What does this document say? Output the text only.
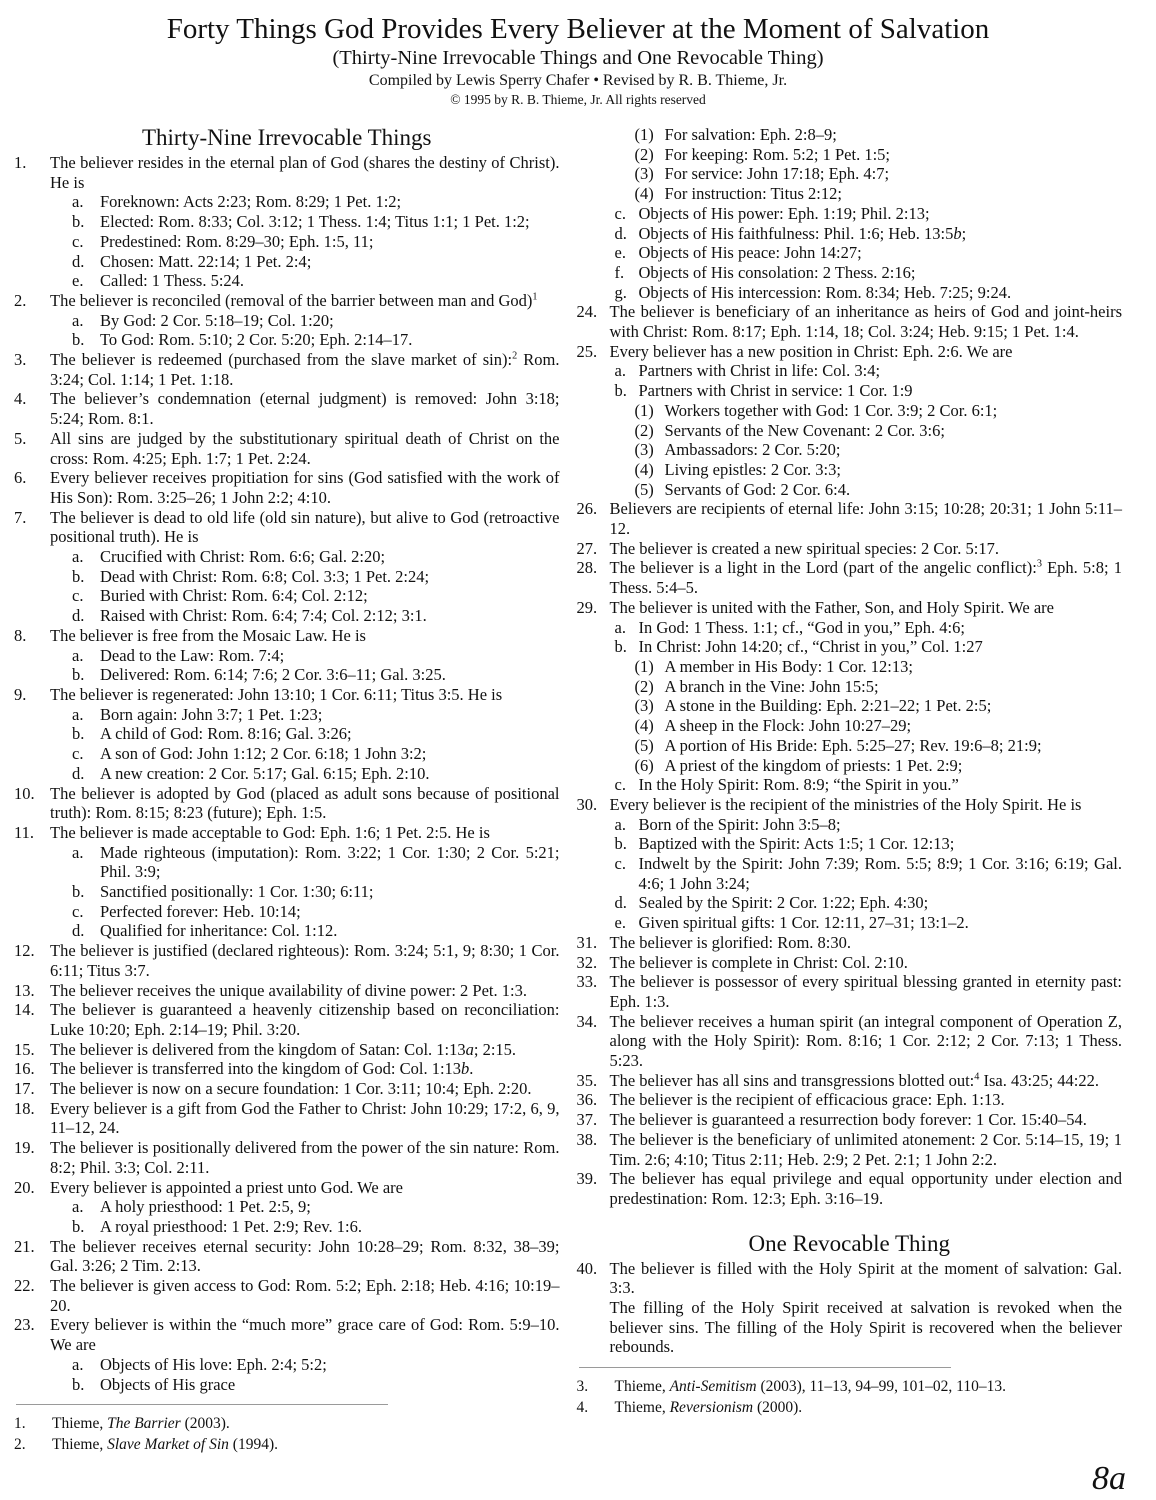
Forty Things God Provides Every Believer at the Moment of Salvation
(Thirty-Nine Irrevocable Things and One Revocable Thing)
Compiled by Lewis Sperry Chafer • Revised by R. B. Thieme, Jr.
© 1995 by R. B. Thieme, Jr. All rights reserved
Thirty-Nine Irrevocable Things
1.	The believer resides in the eternal plan of God (shares the destiny of Christ). He is
a.	Foreknown: Acts 2:23; Rom. 8:29; 1 Pet. 1:2;
b. Elected: Rom. 8:33; Col. 3:12; 1 Thess. 1:4; Titus 1:1; 1 Pet. 1:2;
c.	Predestined: Rom. 8:29–30; Eph. 1:5, 11;
d. Chosen: Matt. 22:14; 1 Pet. 2:4;
e.	Called: 1 Thess. 5:24.
2.	The believer is reconciled (removal of the barrier between man and God)$^1$
a.	By God: 2 Cor. 5:18–19; Col. 1:20;
b. To God: Rom. 5:10; 2 Cor. 5:20; Eph. 2:14–17.
3.	The believer is redeemed (purchased from the slave market of sin):$^2$ Rom. 3:24; Col. 1:14; 1 Pet. 1:18.
4.	The believer’s condemnation (eternal judgment) is removed: John 3:18; 5:24; Rom. 8:1.
5.	All sins are judged by the substitutionary spiritual death of Christ on the cross: Rom. 4:25; Eph. 1:7; 1 Pet. 2:24.
6.	Every believer receives propitiation for sins (God satisfied with the work of His Son): Rom. 3:25–26; 1 John 2:2; 4:10.
7.	The believer is dead to old life (old sin nature), but alive to God (retroactive positional truth). He is
a.	Crucified with Christ: Rom. 6:6; Gal. 2:20;
b. Dead with Christ: Rom. 6:8; Col. 3:3; 1 Pet. 2:24;
c.	Buried with Christ: Rom. 6:4; Col. 2:12;
d. Raised with Christ: Rom. 6:4; 7:4; Col. 2:12; 3:1.
8.	The believer is free from the Mosaic Law. He is
a.	Dead to the Law: Rom. 7:4;
b. Delivered: Rom. 6:14; 7:6; 2 Cor. 3:6–11; Gal. 3:25.
9.	The believer is regenerated: John 13:10; 1 Cor. 6:11; Titus 3:5. He is
a.	Born again: John 3:7; 1 Pet. 1:23;
b. A child of God: Rom. 8:16; Gal. 3:26;
c.	A son of God: John 1:12; 2 Cor. 6:18; 1 John 3:2;
d. A new creation: 2 Cor. 5:17; Gal. 6:15; Eph. 2:10.
10. The believer is adopted by God (placed as adult sons because of positional truth): Rom. 8:15; 8:23 (future); Eph. 1:5.
11. The believer is made acceptable to God: Eph. 1:6; 1 Pet. 2:5. He is
a.	Made righteous (imputation): Rom. 3:22; 1 Cor. 1:30; 2 Cor. 5:21; Phil. 3:9;
b. Sanctified positionally: 1 Cor. 1:30; 6:11;
c.	Perfected forever: Heb. 10:14;
d. Qualified for inheritance: Col. 1:12.
12. The believer is justified (declared righteous): Rom. 3:24; 5:1, 9; 8:30; 1 Cor. 6:11; Titus 3:7.
13. The believer receives the unique availability of divine power: 2 Pet. 1:3.
14. The believer is guaranteed a heavenly citizenship based on reconciliation: Luke 10:20; Eph. 2:14–19; Phil. 3:20.
15. The believer is delivered from the kingdom of Satan: Col. 1:13a; 2:15.
16. The believer is transferred into the kingdom of God: Col. 1:13b.
17. The believer is now on a secure foundation: 1 Cor. 3:11; 10:4; Eph. 2:20.
18. Every believer is a gift from God the Father to Christ: John 10:29; 17:2, 6, 9, 11–12, 24.
19. The believer is positionally delivered from the power of the sin nature: Rom. 8:2; Phil. 3:3; Col. 2:11.
20. Every believer is appointed a priest unto God. We are
a.	A holy priesthood: 1 Pet. 2:5, 9;
b. A royal priesthood: 1 Pet. 2:9; Rev. 1:6.
21. The believer receives eternal security: John 10:28–29; Rom. 8:32, 38–39; Gal. 3:26; 2 Tim. 2:13.
22. The believer is given access to God: Rom. 5:2; Eph. 2:18; Heb. 4:16; 10:19–20.
23. Every believer is within the “much more” grace care of God: Rom. 5:9–10. We are
a.	Objects of His love: Eph. 2:4; 5:2;
b. Objects of His grace
1.	Thieme, The Barrier (2003).
2.	Thieme, Slave Market of Sin (1994).
(1) For salvation: Eph. 2:8–9;
(2) For keeping: Rom. 5:2; 1 Pet. 1:5;
(3) For service: John 17:18; Eph. 4:7;
(4) For instruction: Titus 2:12;
c. Objects of His power: Eph. 1:19; Phil. 2:13;
d. Objects of His faithfulness: Phil. 1:6; Heb. 13:5b;
e. Objects of His peace: John 14:27;
f. Objects of His consolation: 2 Thess. 2:16;
g. Objects of His intercession: Rom. 8:34; Heb. 7:25; 9:24.
24. The believer is beneficiary of an inheritance as heirs of God and joint-heirs with Christ: Rom. 8:17; Eph. 1:14, 18; Col. 3:24; Heb. 9:15; 1 Pet. 1:4.
25. Every believer has a new position in Christ: Eph. 2:6. We are
a. Partners with Christ in life: Col. 3:4;
b. Partners with Christ in service: 1 Cor. 1:9
(1) Workers together with God: 1 Cor. 3:9; 2 Cor. 6:1;
(2) Servants of the New Covenant: 2 Cor. 3:6;
(3) Ambassadors: 2 Cor. 5:20;
(4) Living epistles: 2 Cor. 3:3;
(5) Servants of God: 2 Cor. 6:4.
26. Believers are recipients of eternal life: John 3:15; 10:28; 20:31; 1 John 5:11–12.
27. The believer is created a new spiritual species: 2 Cor. 5:17.
28. The believer is a light in the Lord (part of the angelic conflict):$^3$ Eph. 5:8; 1 Thess. 5:4–5.
29. The believer is united with the Father, Son, and Holy Spirit. We are
a. In God: 1 Thess. 1:1; cf., “God in you,” Eph. 4:6;
b. In Christ: John 14:20; cf., “Christ in you,” Col. 1:27
(1) A member in His Body: 1 Cor. 12:13;
(2) A branch in the Vine: John 15:5;
(3) A stone in the Building: Eph. 2:21–22; 1 Pet. 2:5;
(4) A sheep in the Flock: John 10:27–29;
(5) A portion of His Bride: Eph. 5:25–27; Rev. 19:6–8; 21:9;
(6) A priest of the kingdom of priests: 1 Pet. 2:9;
c. In the Holy Spirit: Rom. 8:9; “the Spirit in you.”
30. Every believer is the recipient of the ministries of the Holy Spirit. He is
a. Born of the Spirit: John 3:5–8;
b. Baptized with the Spirit: Acts 1:5; 1 Cor. 12:13;
c. Indwelt by the Spirit: John 7:39; Rom. 5:5; 8:9; 1 Cor. 3:16; 6:19; Gal. 4:6; 1 John 3:24;
d. Sealed by the Spirit: 2 Cor. 1:22; Eph. 4:30;
e. Given spiritual gifts: 1 Cor. 12:11, 27–31; 13:1–2.
31. The believer is glorified: Rom. 8:30.
32. The believer is complete in Christ: Col. 2:10.
33. The believer is possessor of every spiritual blessing granted in eternity past: Eph. 1:3.
34. The believer receives a human spirit (an integral component of Operation Z, along with the Holy Spirit): Rom. 8:16; 1 Cor. 2:12; 2 Cor. 7:13; 1 Thess. 5:23.
35. The believer has all sins and transgressions blotted out:$^4$ Isa. 43:25; 44:22.
36. The believer is the recipient of efficacious grace: Eph. 1:13.
37. The believer is guaranteed a resurrection body forever: 1 Cor. 15:40–54.
38. The believer is the beneficiary of unlimited atonement: 2 Cor. 5:14–15, 19; 1 Tim. 2:6; 4:10; Titus 2:11; Heb. 2:9; 2 Pet. 2:1; 1 John 2:2.
39. The believer has equal privilege and equal opportunity under election and predestination: Rom. 12:3; Eph. 3:16–19.
One Revocable Thing
40. The believer is filled with the Holy Spirit at the moment of salvation: Gal. 3:3.
The filling of the Holy Spirit received at salvation is revoked when the believer sins. The filling of the Holy Spirit is recovered when the believer rebounds.
3.	Thieme, Anti-Semitism (2003), 11–13, 94–99, 101–02, 110–13.
4.	Thieme, Reversionism (2000).
8a
